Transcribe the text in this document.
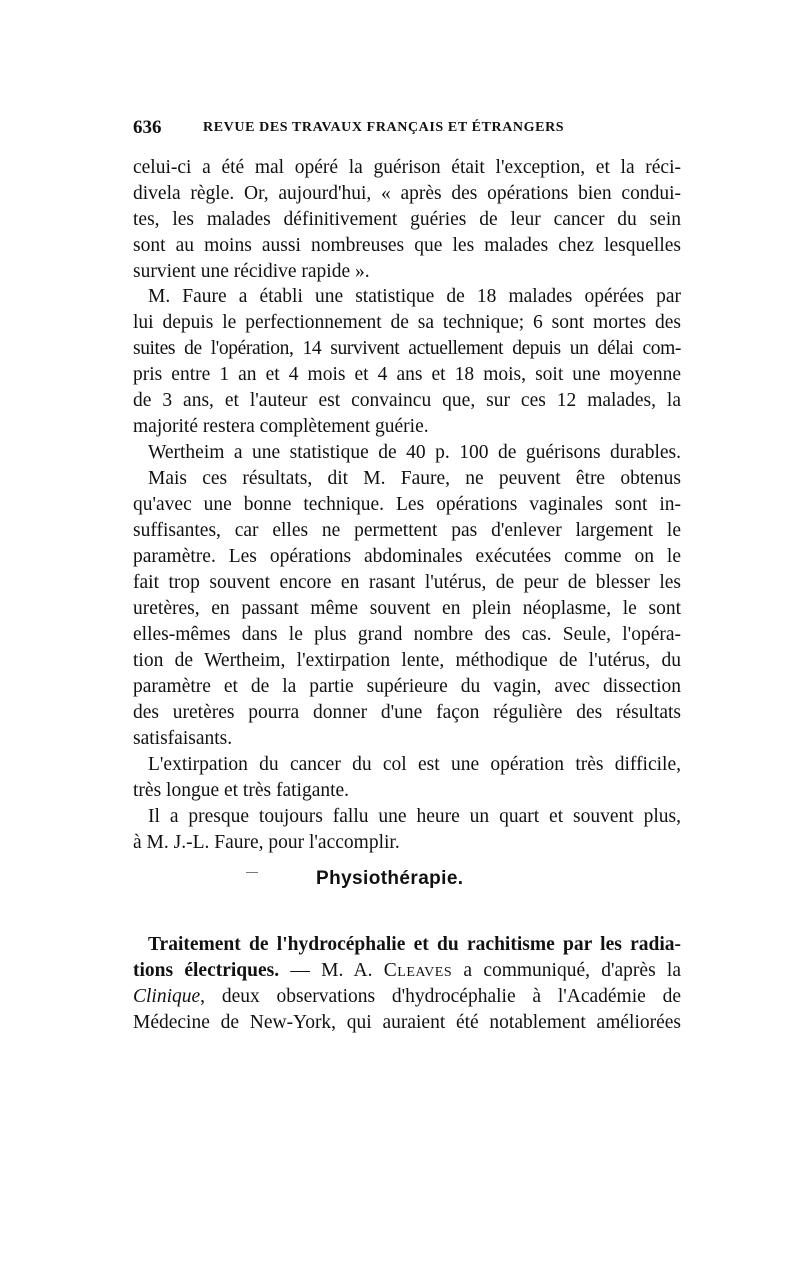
636	REVUE DES TRAVAUX FRANÇAIS ET ÉTRANGERS
celui-ci a été mal opéré la guérison était l'exception, et la réci-
divela règle. Or, aujourd'hui, « après des opérations bien condui-
tes, les malades définitivement guéries de leur cancer du sein
sont au moins aussi nombreuses que les malades chez lesquelles
survient une récidive rapide ».
M. Faure a établi une statistique de 18 malades opérées par
lui depuis le perfectionnement de sa technique; 6 sont mortes des
suites de l'opération, 14 survivent actuellement depuis un délai com-
pris entre 1 an et 4 mois et 4 ans et 18 mois, soit une moyenne
de 3 ans, et l'auteur est convaincu que, sur ces 12 malades, la
majorité restera complètement guérie.
Wertheim a une statistique de 40 p. 100 de guérisons durables.
Mais ces résultats, dit M. Faure, ne peuvent être obtenus
qu'avec une bonne technique. Les opérations vaginales sont in-
suffisantes, car elles ne permettent pas d'enlever largement le
paramètre. Les opérations abdominales exécutées comme on le
fait trop souvent encore en rasant l'utérus, de peur de blesser les
uretères, en passant même souvent en plein néoplasme, le sont
elles-mêmes dans le plus grand nombre des cas. Seule, l'opéra-
tion de Wertheim, l'extirpation lente, méthodique de l'utérus, du
paramètre et de la partie supérieure du vagin, avec dissection
des uretères pourra donner d'une façon régulière des résultats
satisfaisants.
L'extirpation du cancer du col est une opération très difficile,
très longue et très fatigante.
Il a presque toujours fallu une heure un quart et souvent plus,
à M. J.-L. Faure, pour l'accomplir.
Physiothérapie.
Traitement de l'hydrocéphalie et du rachitisme par les radia-
tions électriques. — M. A. Cleaves a communiqué, d'après la
Clinique, deux observations d'hydrocéphalie à l'Académie de
Médecine de New-York, qui auraient été notablement améliorées
